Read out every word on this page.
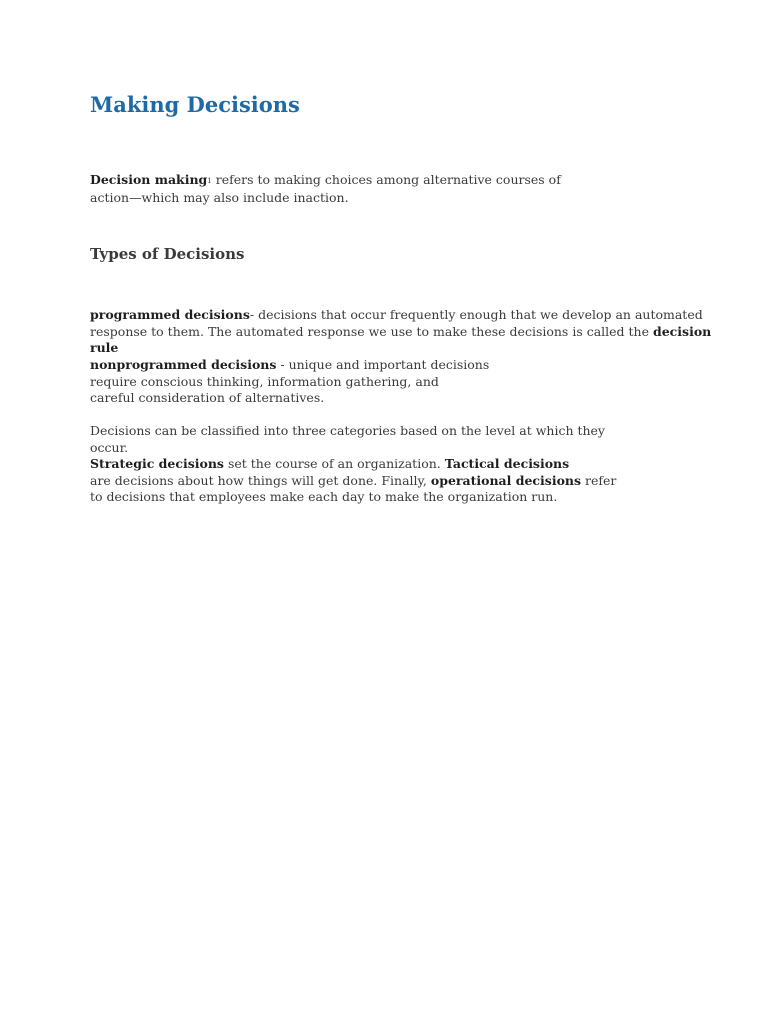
Making Decisions

Decision making1 refers to making choices among alternative courses of
action—which may also include inaction.

Types of Decisions

programmed decisions- decisions that occur frequently enough that we develop an automated
response to them. The automated response we use to make these decisions is called the decision
rule

nonprogrammed decisions - unique and important decisions
require conscious thinking, information gathering, and
careful consideration of alternatives.

Decisions can be classified into three categories based on the level at which they
occur.
Strategic decisions set the course of an organization. Tactical decisions
are decisions about how things will get done. Finally, operational decisions refer
to decisions that employees make each day to make the organization run.
